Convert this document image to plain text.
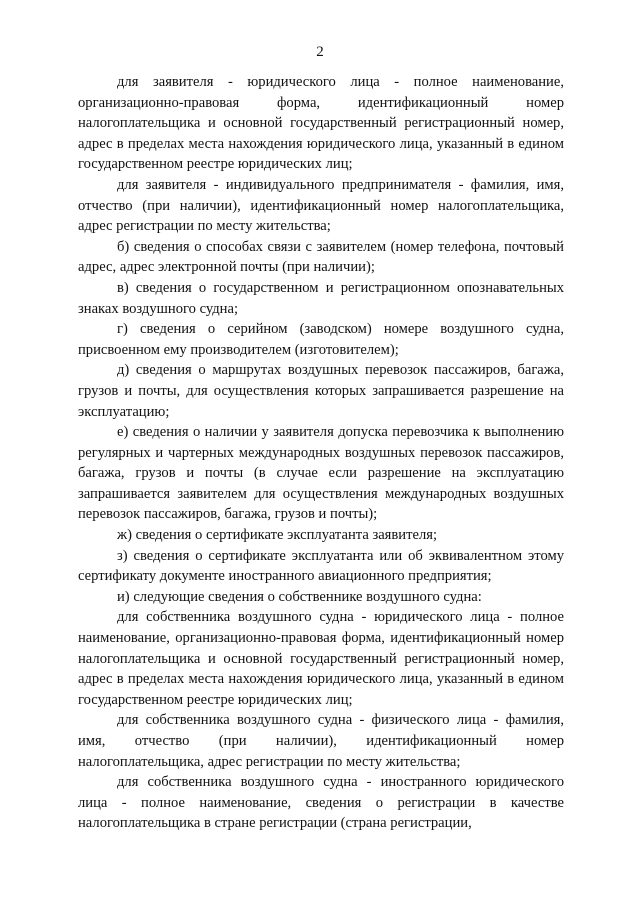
2

для заявителя - юридического лица - полное наименование, организационно-правовая форма, идентификационный номер налогоплательщика и основной государственный регистрационный номер, адрес в пределах места нахождения юридического лица, указанный в едином государственном реестре юридических лиц;

для заявителя - индивидуального предпринимателя - фамилия, имя, отчество (при наличии), идентификационный номер налогоплательщика, адрес регистрации по месту жительства;

б) сведения о способах связи с заявителем (номер телефона, почтовый адрес, адрес электронной почты (при наличии);

в) сведения о государственном и регистрационном опознавательных знаках воздушного судна;

г) сведения о серийном (заводском) номере воздушного судна, присвоенном ему производителем (изготовителем);

д) сведения о маршрутах воздушных перевозок пассажиров, багажа, грузов и почты, для осуществления которых запрашивается разрешение на эксплуатацию;

е) сведения о наличии у заявителя допуска перевозчика к выполнению регулярных и чартерных международных воздушных перевозок пассажиров, багажа, грузов и почты (в случае если разрешение на эксплуатацию запрашивается заявителем для осуществления международных воздушных перевозок пассажиров, багажа, грузов и почты);

ж) сведения о сертификате эксплуатанта заявителя;

з) сведения о сертификате эксплуатанта или об эквивалентном этому сертификату документе иностранного авиационного предприятия;

и) следующие сведения о собственнике воздушного судна:

для собственника воздушного судна - юридического лица - полное наименование, организационно-правовая форма, идентификационный номер налогоплательщика и основной государственный регистрационный номер, адрес в пределах места нахождения юридического лица, указанный в едином государственном реестре юридических лиц;

для собственника воздушного судна - физического лица - фамилия, имя, отчество (при наличии), идентификационный номер налогоплательщика, адрес регистрации по месту жительства;

для собственника воздушного судна - иностранного юридического лица - полное наименование, сведения о регистрации в качестве налогоплательщика в стране регистрации (страна регистрации,
